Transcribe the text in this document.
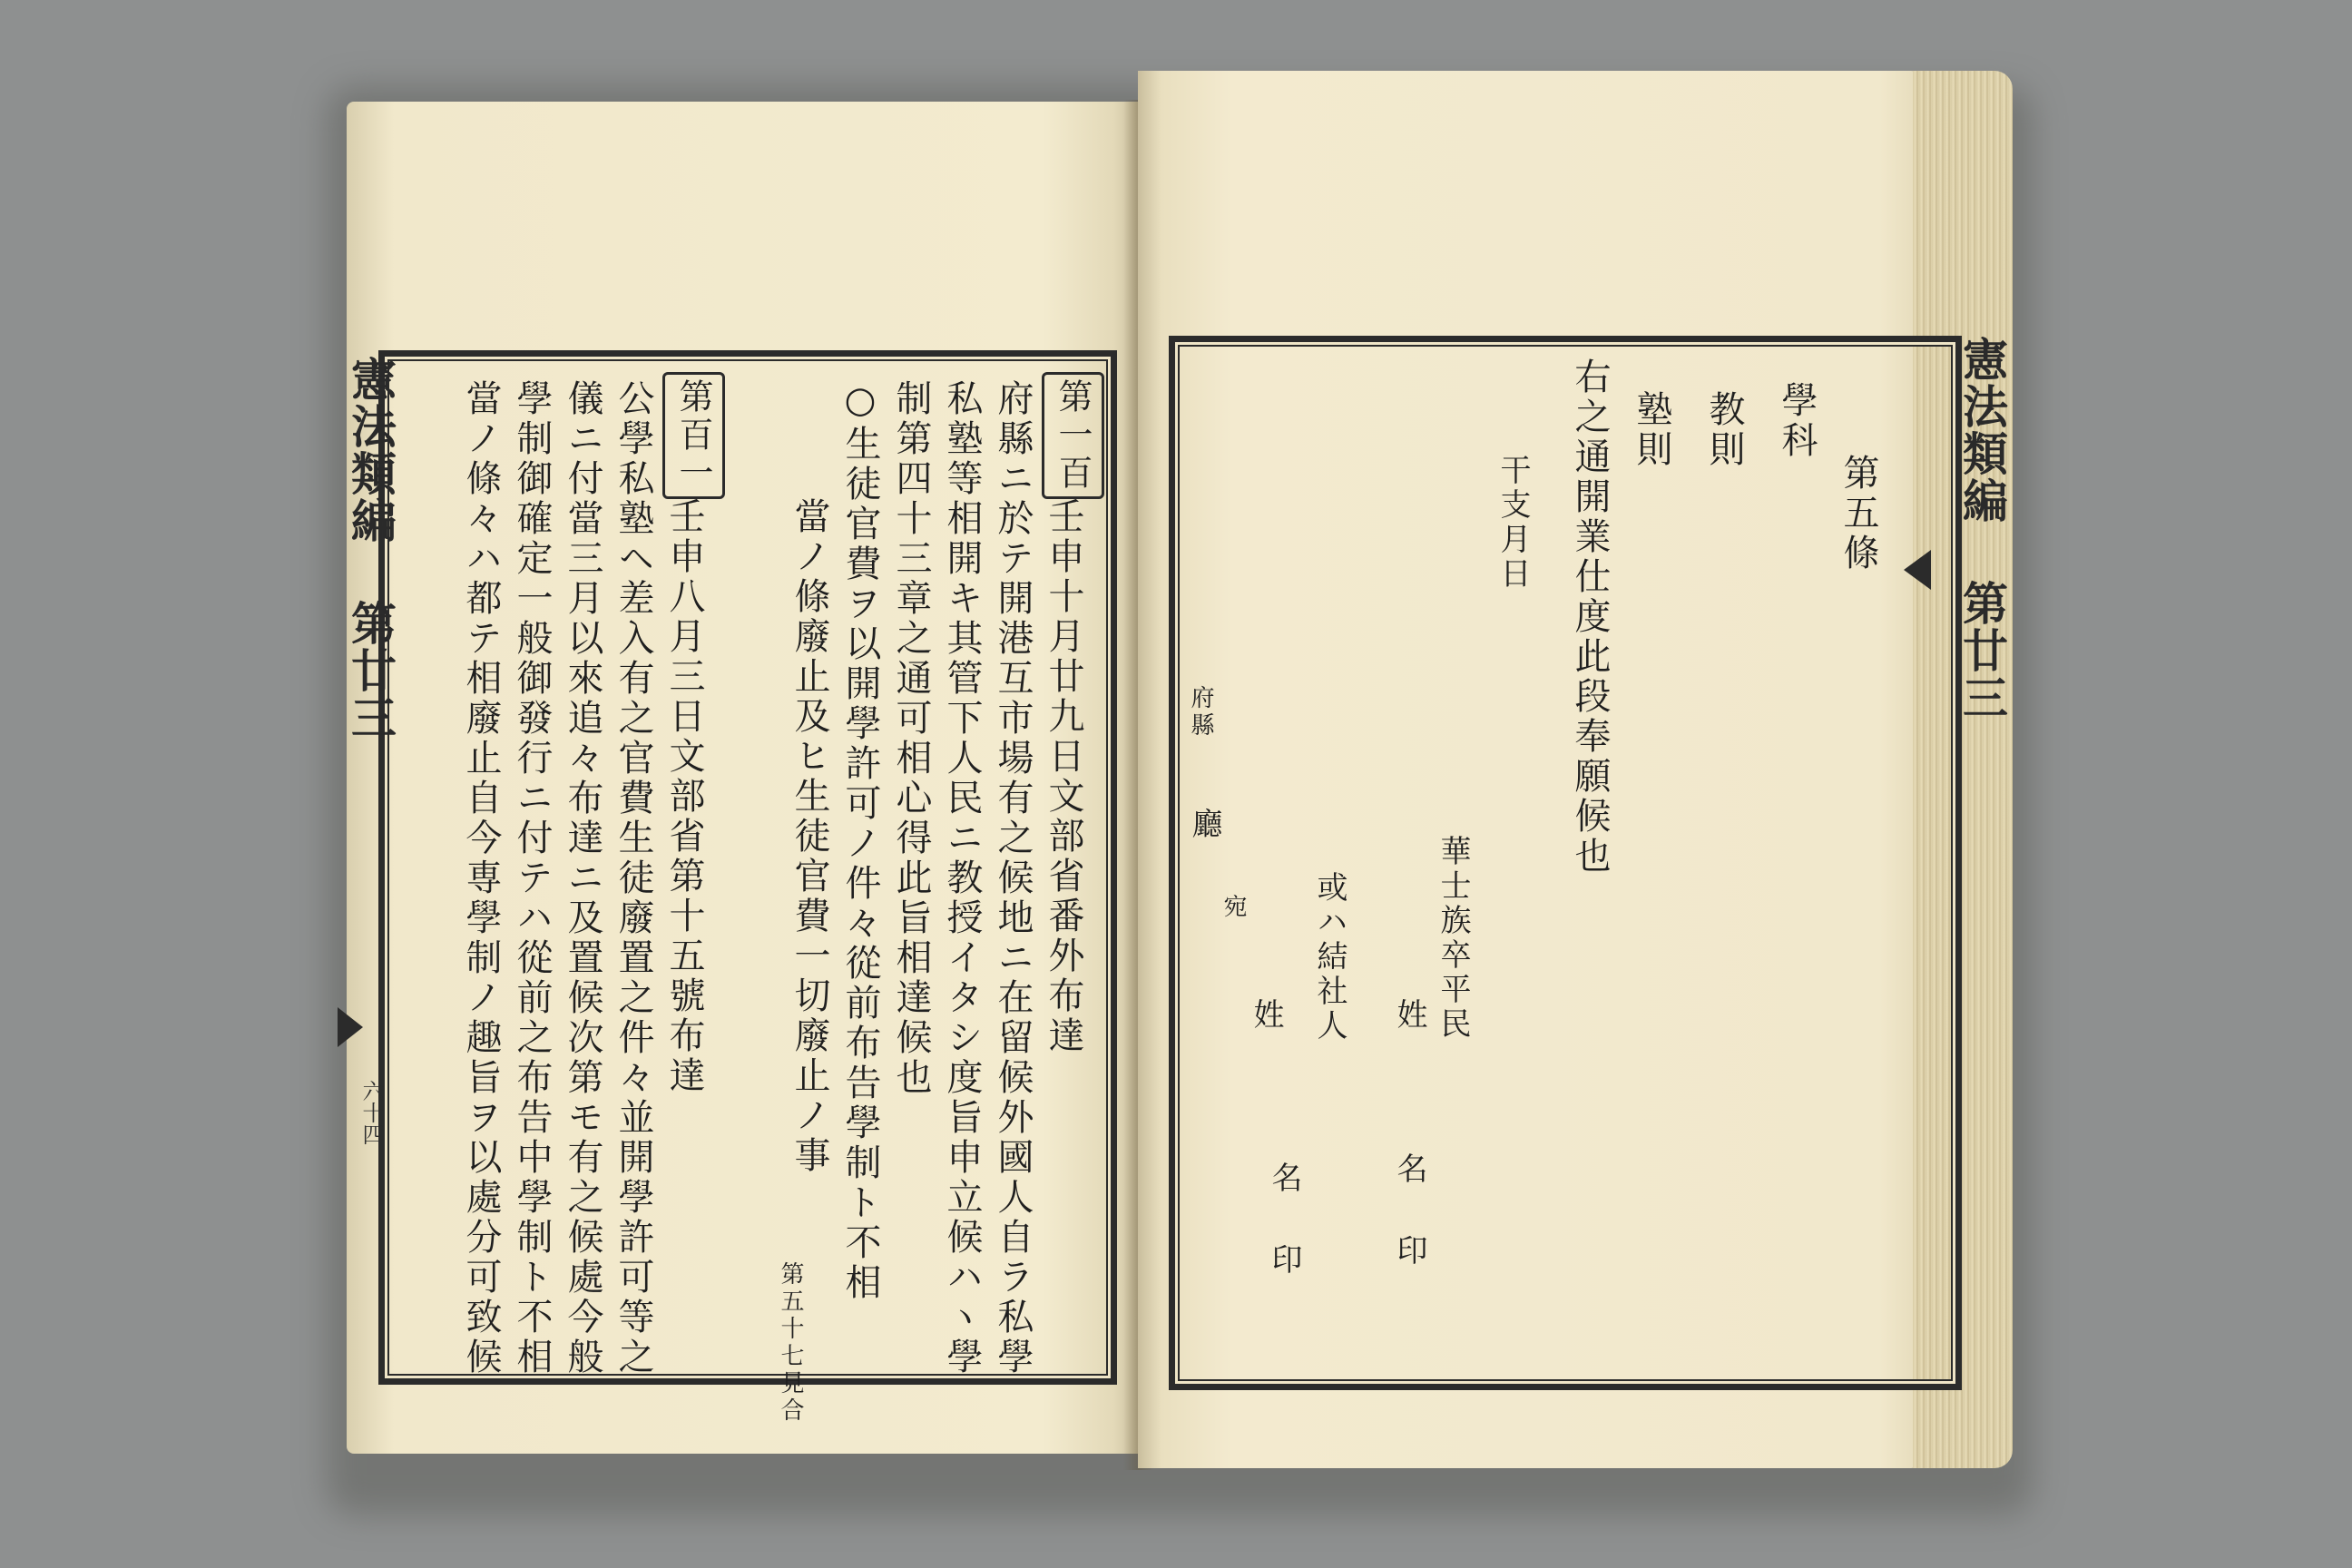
憲法類編 第廿三
六十四
第一百
壬申十月廿九日文部省番外布達
府縣ニ於テ開港互市場有之候地ニ在留候外國人自ラ私學
私塾等相開キ其管下人民ニ教授イタシ度旨申立候ハヽ學
制第四十三章之通可相心得此旨相達候也
○生徒官費ヲ以開學許可ノ件々從前布告學制ト不相
當ノ條廢止及ヒ生徒官費一切廢止ノ事
第五十七見合
第百一
壬申八月三日文部省第十五號布達
公學私塾ヘ差入有之官費生徒廢置之件々並開學許可等之
儀ニ付當三月以來追々布達ニ及置候次第モ有之候處今般
學制御確定一般御發行ニ付テハ從前之布告中學制ト不相
當ノ條々ハ都テ相廢止自今専學制ノ趣旨ヲ以處分可致候	憲法類編 第廿三
第五條
學科
教則
塾則
右之通開業仕度此段奉願候也
干支月日
華士族卒平民
姓
名
印
或ハ結社人
姓
名
印
府縣
廳
宛
